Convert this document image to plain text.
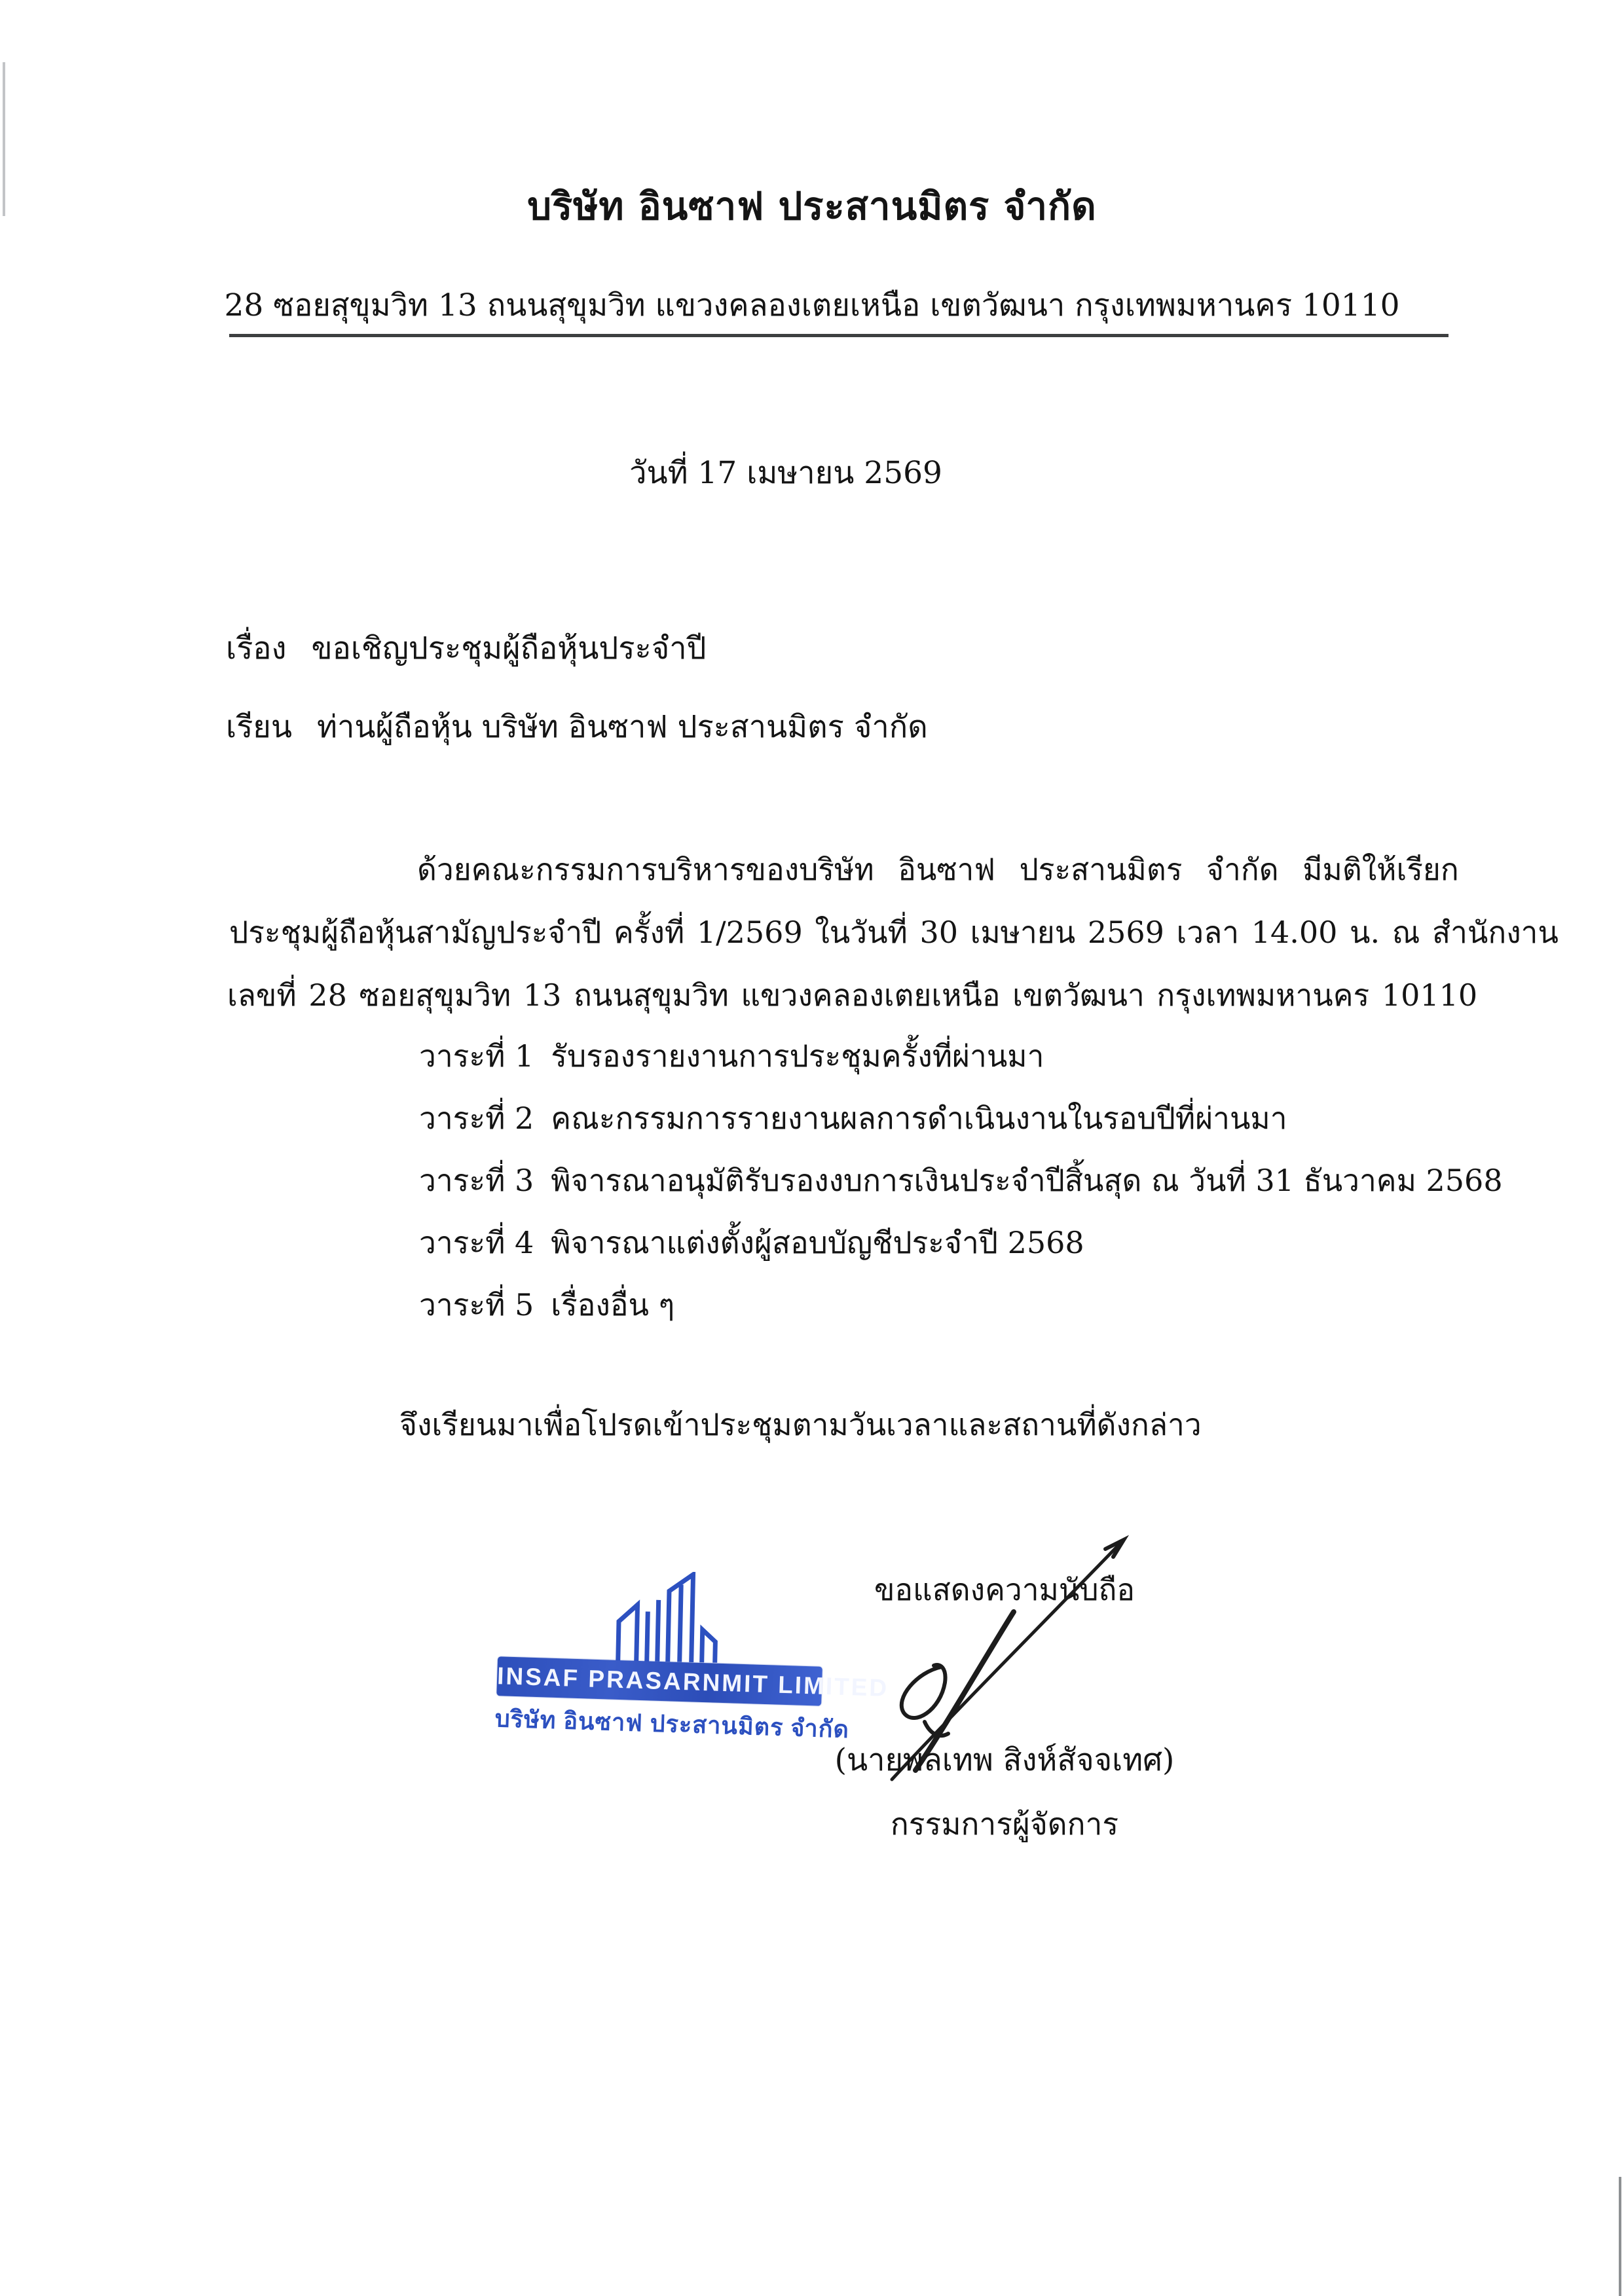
บริษัท อินซาฟ ประสานมิตร จำกัด
28 ซอยสุขุมวิท 13 ถนนสุขุมวิท แขวงคลองเตยเหนือ เขตวัฒนา กรุงเทพมหานคร 10110
วันที่ 17 เมษายน 2569
เรื่อง ขอเชิญประชุมผู้ถือหุ้นประจำปี
เรียน ท่านผู้ถือหุ้น บริษัท อินซาฟ ประสานมิตร จำกัด
ด้วยคณะกรรมการบริหารของบริษัท อินซาฟ ประสานมิตร จำกัด มีมติให้เรียก
ประชุมผู้ถือหุ้นสามัญประจำปี ครั้งที่ 1/2569 ในวันที่ 30 เมษายน 2569 เวลา 14.00 น. ณ สำนักงาน
เลขที่ 28 ซอยสุขุมวิท 13 ถนนสุขุมวิท แขวงคลองเตยเหนือ เขตวัฒนา กรุงเทพมหานคร 10110
วาระที่ 1 รับรองรายงานการประชุมครั้งที่ผ่านมา
วาระที่ 2 คณะกรรมการรายงานผลการดำเนินงานในรอบปีที่ผ่านมา
วาระที่ 3 พิจารณาอนุมัติรับรองงบการเงินประจำปีสิ้นสุด ณ วันที่ 31 ธันวาคม 2568
วาระที่ 4 พิจารณาแต่งตั้งผู้สอบบัญชีประจำปี 2568
วาระที่ 5 เรื่องอื่น ๆ
จึงเรียนมาเพื่อโปรดเข้าประชุมตามวันเวลาและสถานที่ดังกล่าว
ขอแสดงความนับถือ
INSAF PRASARNMIT LIMITED
บริษัท อินซาฟ ประสานมิตร จำกัด
(นายพลเทพ สิงห์สัจจเทศ)
กรรมการผู้จัดการ
